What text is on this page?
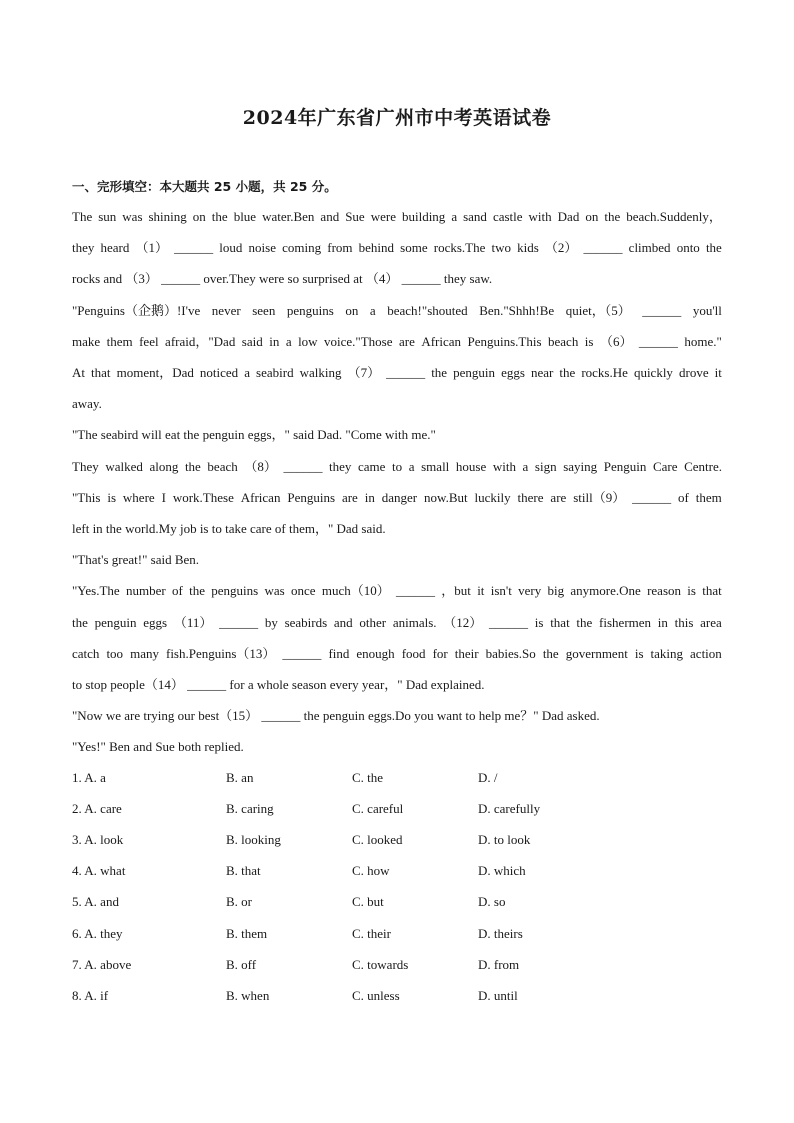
2024年广东省广州市中考英语试卷
一、完形填空：本大题共 25 小题，共 25 分。
The sun was shining on the blue water.Ben and Sue were building a sand castle with Dad on the beach.Suddenly，
they heard （1） ______ loud noise coming from behind some rocks.The two kids （2） ______ climbed onto the
rocks and （3） ______ over.They were so surprised at （4） ______ they saw.
"Penguins（企鹅）!I've never seen penguins on a beach!"shouted Ben."Shhh!Be quiet，（5） ______ you'll
make them feel afraid，"Dad said in a low voice."Those are African Penguins.This beach is （6） ______ home."
At that moment，Dad noticed a seabird walking （7） ______ the penguin eggs near the rocks.He quickly drove it
away.
"The seabird will eat the penguin eggs，" said Dad. "Come with me."
They walked along the beach （8） ______ they came to a small house with a sign saying Penguin Care Centre.
"This is where I work.These African Penguins are in danger now.But luckily there are still（9） ______ of them
left in the world.My job is to take care of them，" Dad said.
"That's great!" said Ben.
"Yes.The number of the penguins was once much（10） ______ ，but it isn't very big anymore.One reason is that
the penguin eggs （11） ______ by seabirds and other animals. （12） ______ is that the fishermen in this area
catch too many fish.Penguins（13） ______ find enough food for their babies.So the government is taking action
to stop people（14） ______ for a whole season every year，" Dad explained.
"Now we are trying our best（15） ______ the penguin eggs.Do you want to help me？" Dad asked.
"Yes!" Ben and Sue both replied.
1. A. a	B. an	C. the	D. /
2. A. care	B. caring	C. careful	D. carefully
3. A. look	B. looking	C. looked	D. to look
4. A. what	B. that	C. how	D. which
5. A. and	B. or	C. but	D. so
6. A. they	B. them	C. their	D. theirs
7. A. above	B. off	C. towards	D. from
8. A. if	B. when	C. unless	D. until
